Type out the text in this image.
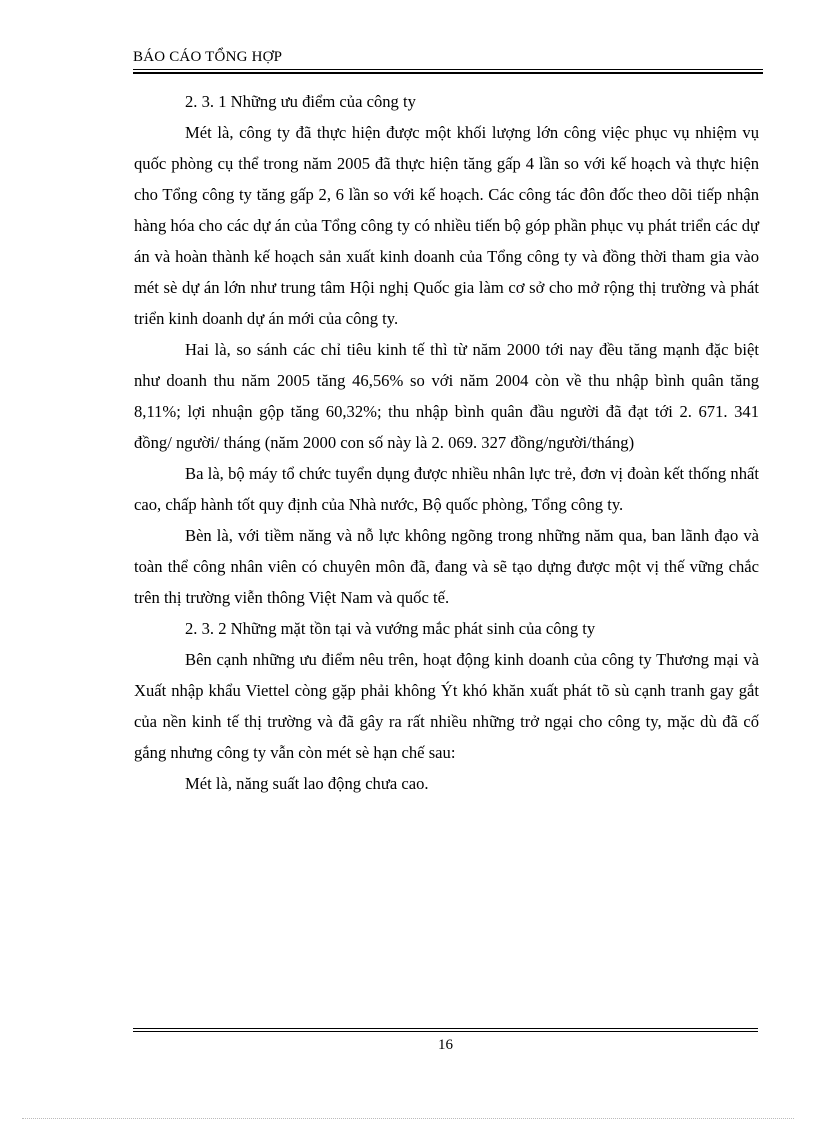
BÁO CÁO TỔNG HỢP

2. 3. 1 Những ưu điểm của công ty

Mét là, công ty đã thực hiện được một khối lượng lớn công việc phục vụ nhiệm vụ quốc phòng cụ thể trong năm 2005 đã thực hiện tăng gấp 4 lần so với kế hoạch và thực hiện cho Tổng công ty tăng gấp 2, 6 lần so với kế hoạch. Các công tác đôn đốc theo dõi tiếp nhận hàng hóa cho các dự án của Tổng công ty có nhiều tiến bộ góp phần phục vụ phát triển các dự án và hoàn thành kế hoạch sản xuất kinh doanh của Tổng công ty và đồng thời tham gia vào mét sè dự án lớn như trung tâm Hội nghị Quốc gia làm cơ sở cho mở rộng thị trường và phát triển kinh doanh dự án mới của công ty.

Hai là, so sánh các chỉ tiêu kinh tế thì từ năm 2000 tới nay đều tăng mạnh đặc biệt như doanh thu năm 2005 tăng 46,56% so với năm 2004 còn về thu nhập bình quân tăng 8,11%; lợi nhuận gộp tăng 60,32%; thu nhập bình quân đầu người đã đạt tới 2. 671. 341 đồng/ người/ tháng (năm 2000 con số này là 2. 069. 327 đồng/người/tháng)

Ba là, bộ máy tổ chức tuyển dụng được nhiều nhân lực trẻ, đơn vị đoàn kết thống nhất cao, chấp hành tốt quy định của Nhà nước, Bộ quốc phòng, Tổng công ty.

Bèn là, với tiềm năng và nỗ lực không ngõng trong những năm qua, ban lãnh đạo và toàn thể công nhân viên có chuyên môn đã, đang và sẽ tạo dựng được một vị thế vững chắc trên thị trường viễn thông Việt Nam và quốc tế.

2. 3. 2 Những mặt tồn tại và vướng mắc phát sinh của công ty

Bên cạnh những ưu điểm nêu trên, hoạt động kinh doanh của công ty Thương mại và Xuất nhập khẩu Viettel còng gặp phải không Ýt khó khăn xuất phát tõ sù cạnh tranh gay gắt của nền kinh tế thị trường và đã gây ra rất nhiều những trở ngại cho công ty, mặc dù đã cố gắng nhưng công ty vẫn còn mét sè hạn chế sau:

Mét là, năng suất lao động chưa cao.

16
